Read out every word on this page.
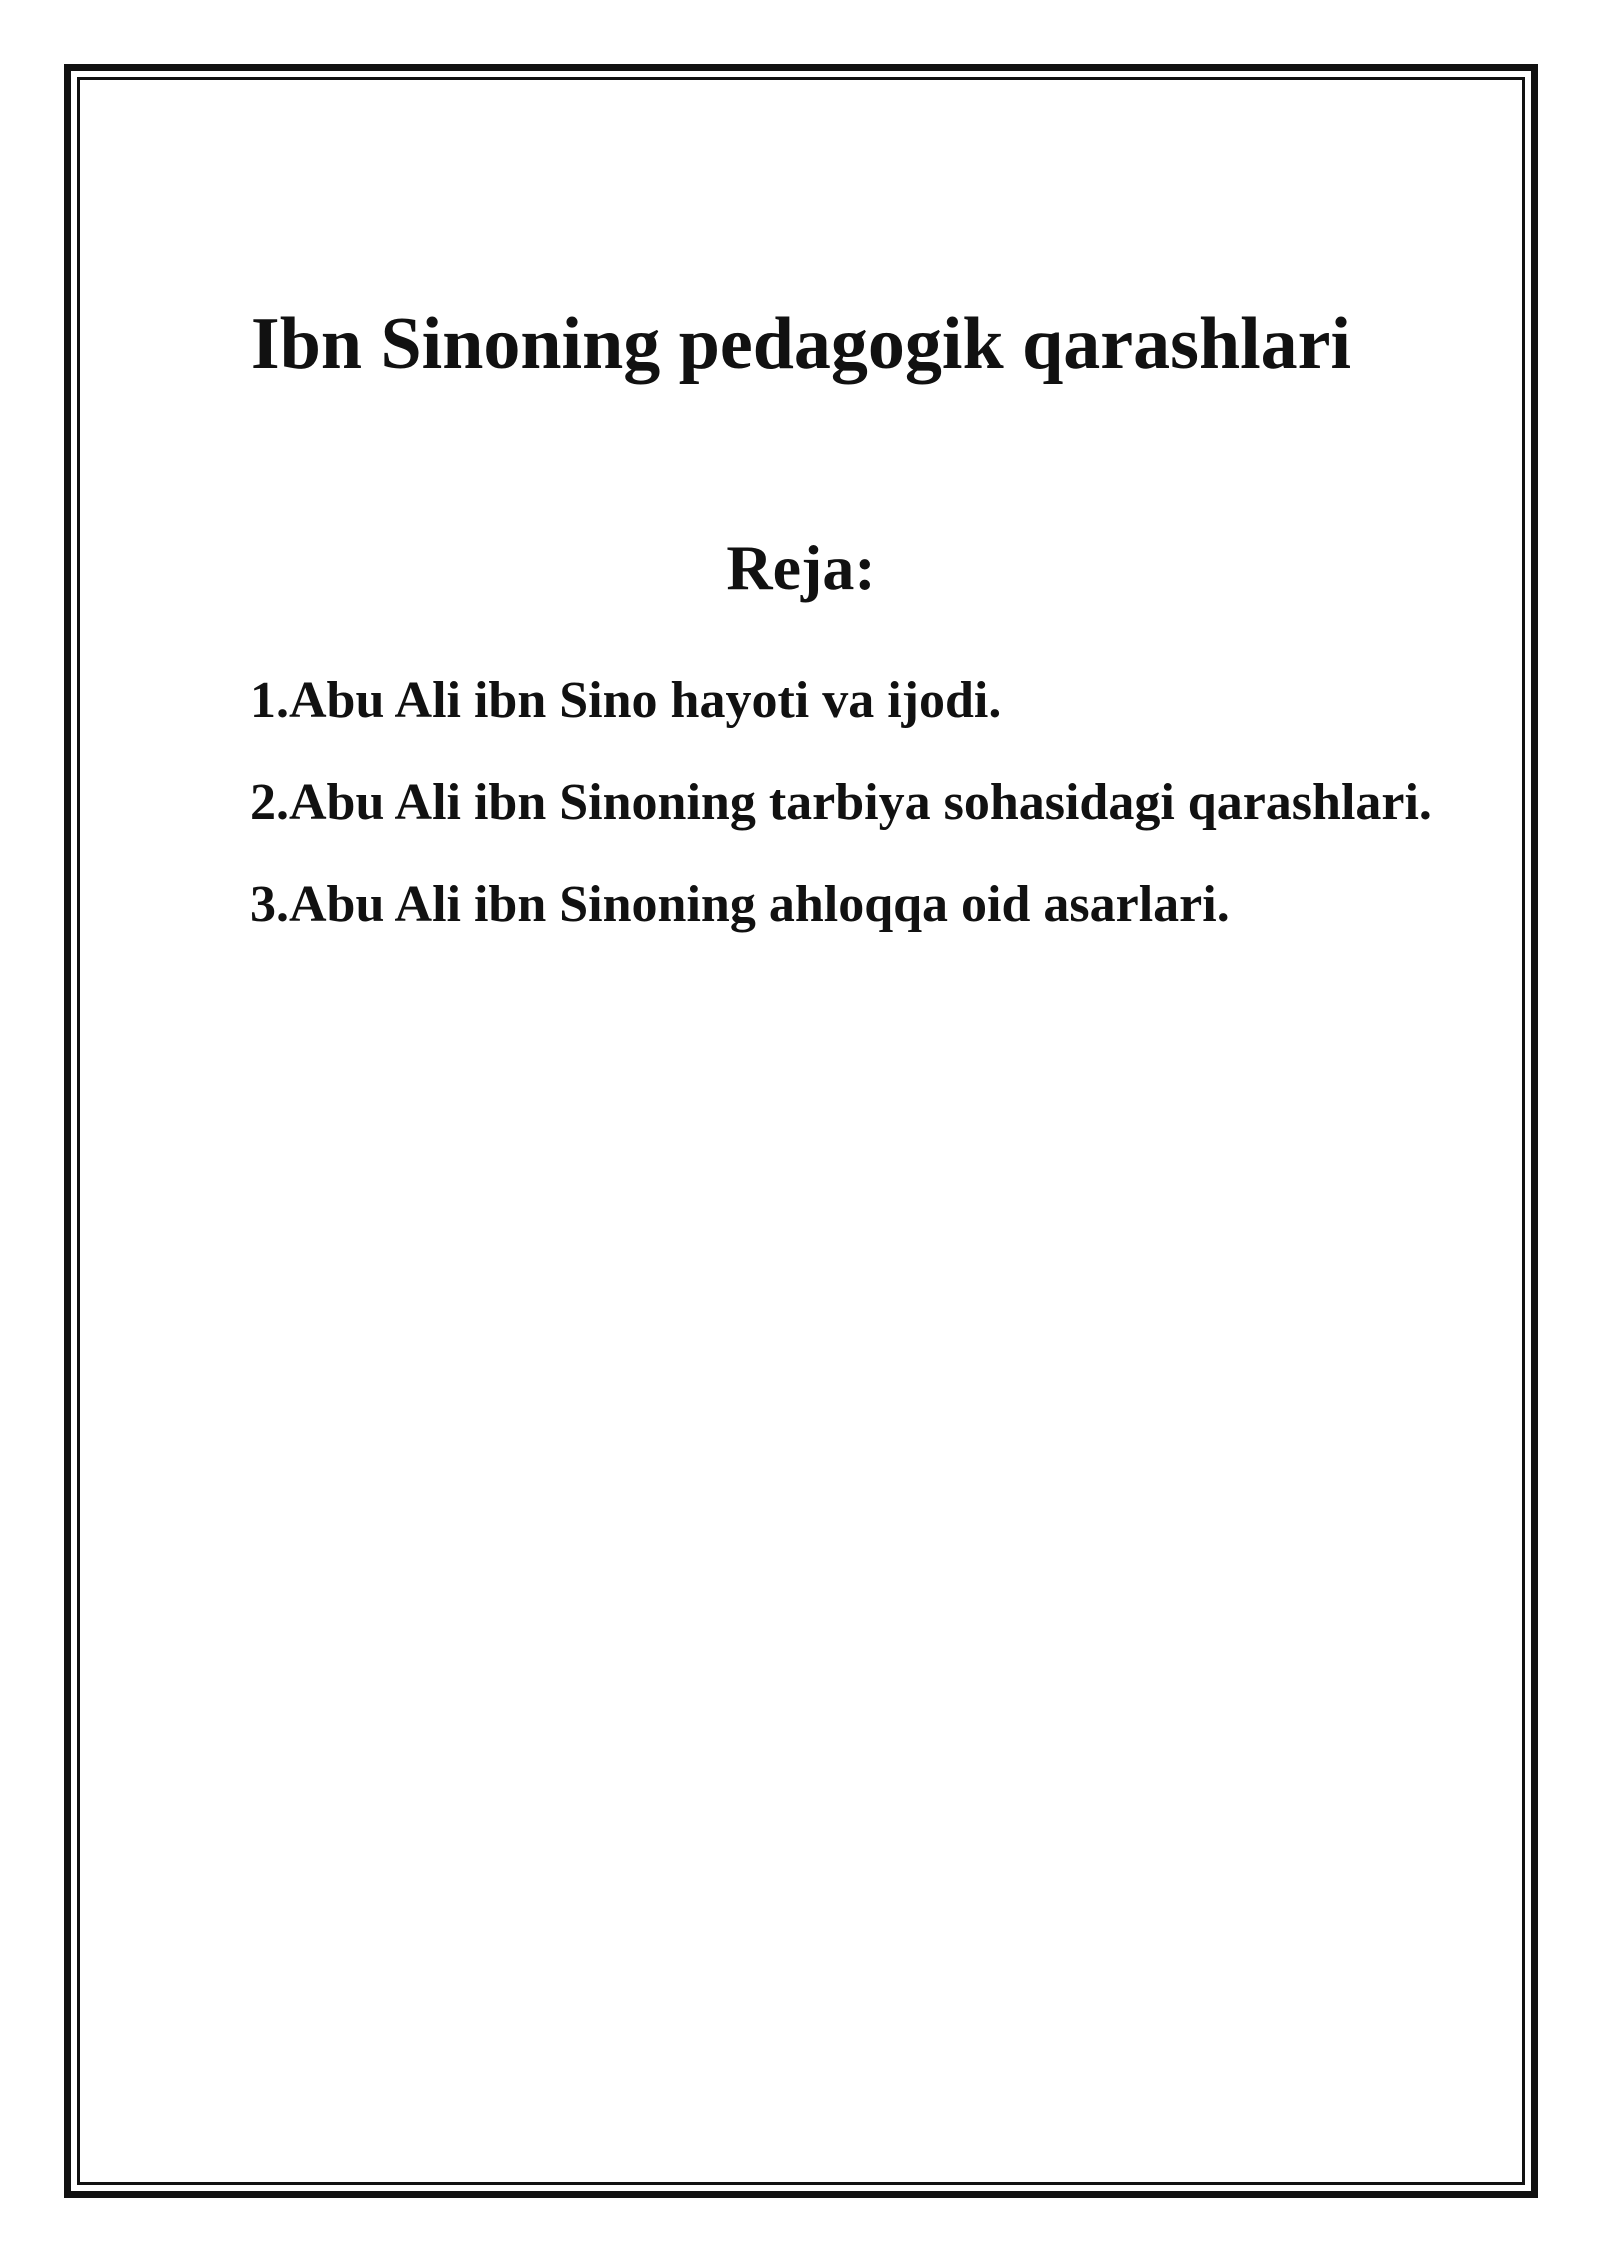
Ibn Sinoning pedagogik qarashlari
Reja:
1.Abu Ali ibn Sino hayoti va ijodi.
2.Abu Ali ibn Sinoning tarbiya sohasidagi qarashlari.
3.Abu Ali ibn Sinoning ahloqqa oid asarlari.
